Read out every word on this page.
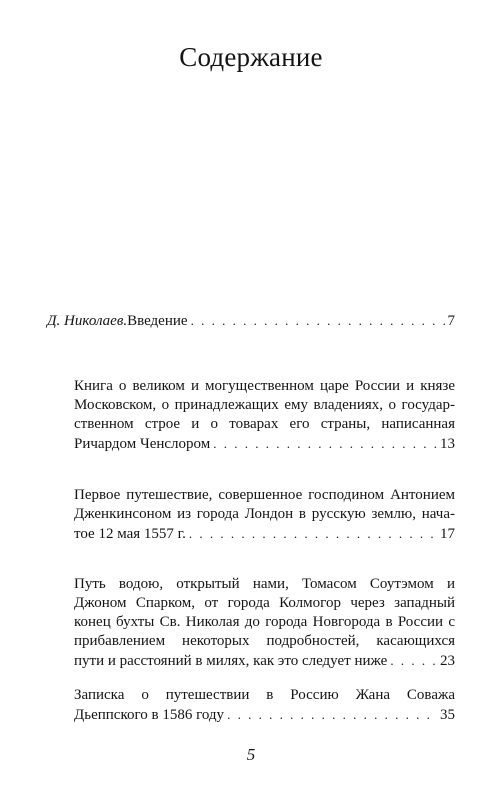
Содержание
Д. Николаев. Введение . . .	7
Книга о великом и могущественном царе России и князе
Московском, о принадлежащих ему владениях, о государ-
ственном строе и о товарах его страны, написанная
Ричардом Ченслором . . .	13
Первое путешествие, совершенное господином Антонием
Дженкинсоном из города Лондон в русскую землю, нача-
тое 12 мая 1557 г. . . .	17
Путь водою, открытый нами, Томасом Соутэмом и
Джоном Спарком, от города Колмогор через западный
конец бухты Св. Николая до города Новгорода в России с
прибавлением некоторых подробностей, касающихся
пути и расстояний в милях, как это следует ниже . . .	23
Записка о путешествии в Россию Жана Соважа
Дьеппского в 1586 году . . .	35
5
